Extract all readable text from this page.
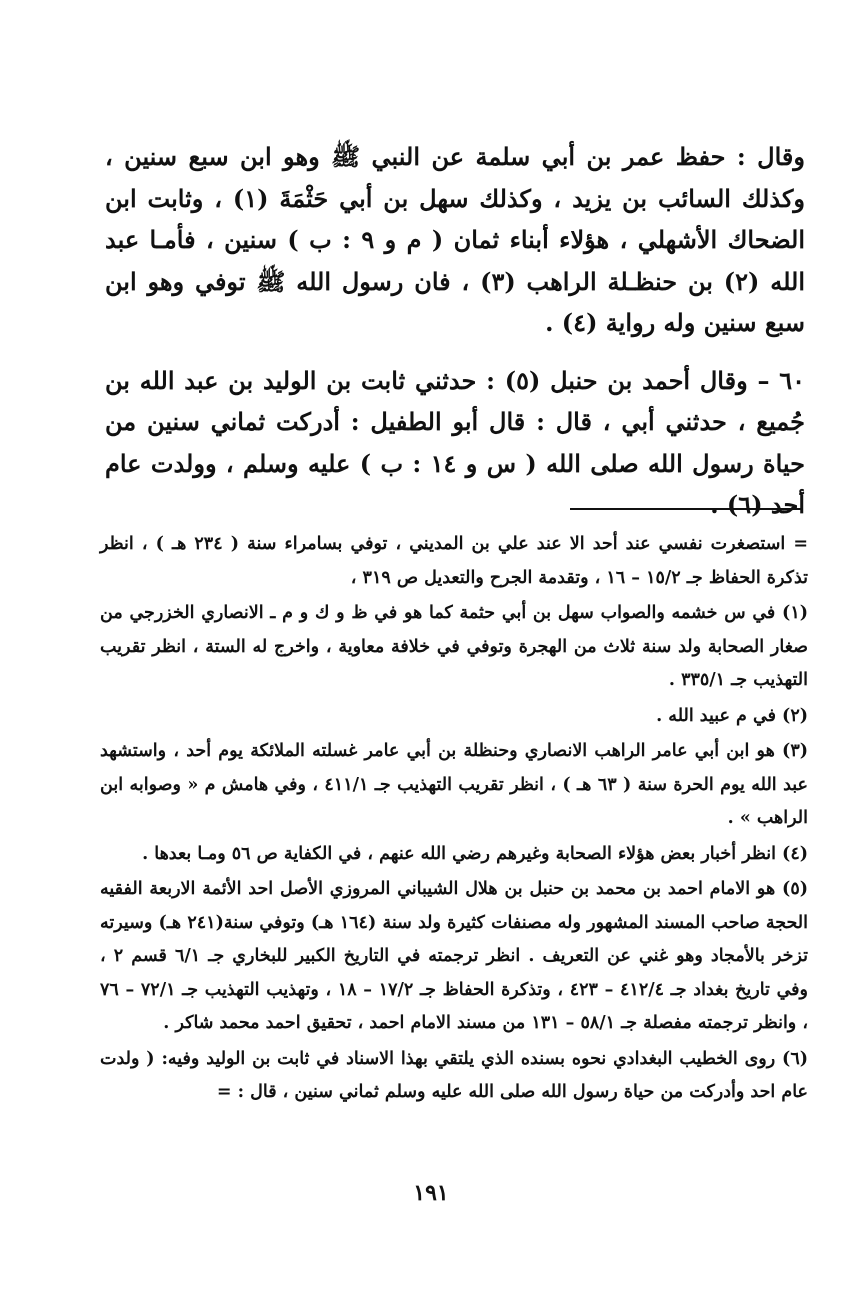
وقال : حفظ عمر بن أبي سلمة عن النبي ﷺ وهو ابن سبع سنين ، وكذلك السائب بن يزيد ، وكذلك سهل بن أبي حَثْمَةَ (١) ، وثابت ابن الضحاك الأشهلي ، هؤلاء أبناء ثمان ( م و ٩ : ب ) سنين ، فأمـا عبد الله (٢) بن حنظـلة الراهب (٣) ، فان رسول الله ﷺ توفي وهو ابن سبع سنين وله رواية (٤) .

٦٠ – وقال أحمد بن حنبل (٥) : حدثني ثابت بن الوليد بن عبد الله بن جُميع ، حدثني أبي ، قال : قال أبو الطفيل : أدركت ثماني سنين من حياة رسول الله صلى الله ( س و ١٤ : ب ) عليه وسلم ، وولدت عام أحد (٦) .

= استصغرت نفسي عند أحد الا عند علي بن المديني ، توفي بسامراء سنة ( ٢٣٤ هـ ) ، انظر تذكرة الحفاظ جـ ١٥/٢ – ١٦ ، وتقدمة الجرح والتعديل ص ٣١٩ ،

(١) في س خشمه والصواب سهل بن أبي حثمة كما هو في ظ و ك و م ـ الانصاري الخزرجي من صغار الصحابة ولد سنة ثلاث من الهجرة وتوفي في خلافة معاوية ، واخرج له الستة ، انظر تقريب التهذيب جـ ٣٣٥/١ .

(٢) في م عبيد الله .

(٣) هو ابن أبي عامر الراهب الانصاري وحنظلة بن أبي عامر غسلته الملائكة يوم أحد ، واستشهد عبد الله يوم الحرة سنة ( ٦٣ هـ ) ، انظر تقريب التهذيب جـ ٤١١/١ ، وفي هامش م « وصوابه ابن الراهب » .

(٤) انظر أخبار بعض هؤلاء الصحابة وغيرهم رضي الله عنهم ، في الكفاية ص ٥٦ ومـا بعدها .

(٥) هو الامام احمد بن محمد بن حنبل بن هلال الشيباني المروزي الأصل احد الأئمة الاربعة الفقيه الحجة صاحب المسند المشهور وله مصنفات كثيرة ولد سنة (١٦٤ هـ) وتوفي سنة(٢٤١ هـ) وسيرته تزخر بالأمجاد وهو غني عن التعريف . انظر ترجمته في التاريخ الكبير للبخاري جـ ٦/١ قسم ٢ ، وفي تاريخ بغداد جـ ٤١٢/٤ – ٤٢٣ ، وتذكرة الحفاظ جـ ١٧/٢ – ١٨ ، وتهذيب التهذيب جـ ٧٢/١ – ٧٦ ، وانظر ترجمته مفصلة جـ ٥٨/١ – ١٣١ من مسند الامام احمد ، تحقيق احمد محمد شاكر .

(٦) روى الخطيب البغدادي نحوه بسنده الذي يلتقي بهذا الاسناد في ثابت بن الوليد وفيه: ( ولدت عام احد وأدركت من حياة رسول الله صلى الله عليه وسلم ثماني سنين ، قال : =

١٩١
